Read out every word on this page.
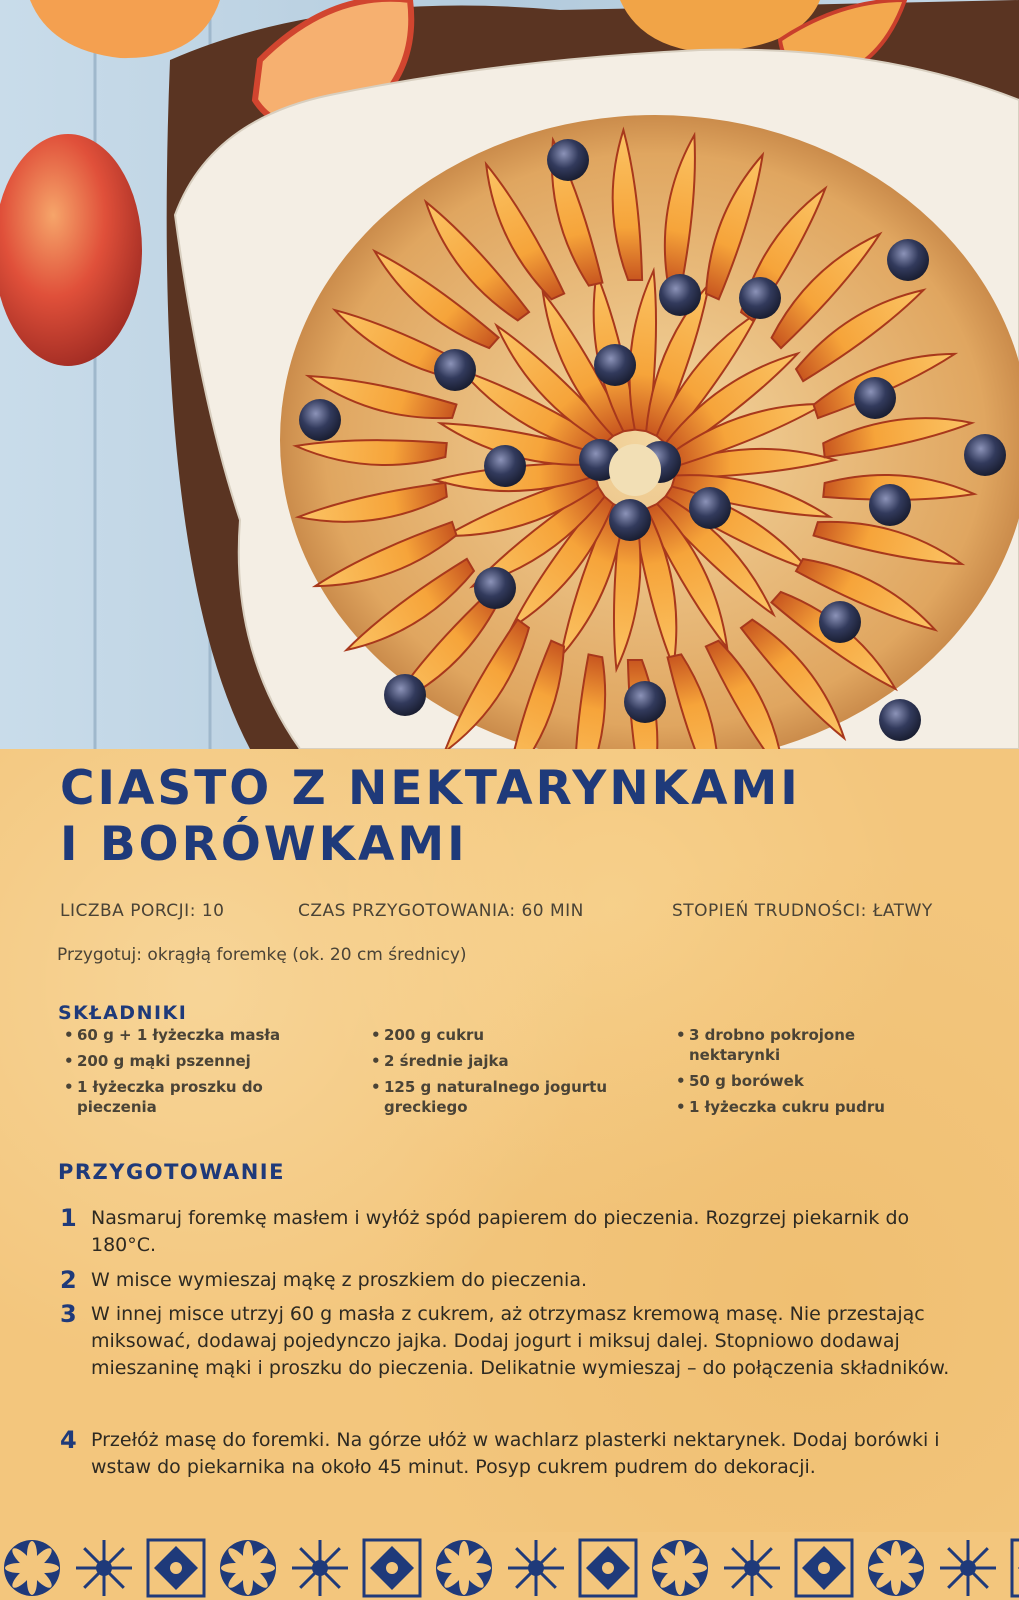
CIASTO Z NEKTARYNKAMI
I BORÓWKAMI
LICZBA PORCJI: 10	CZAS PRZYGOTOWANIA: 60 MIN	STOPIEŃ TRUDNOŚCI: ŁATWY
Przygotuj: okrągłą foremkę (ok. 20 cm średnicy)
SKŁADNIKI
• 60 g + 1 łyżeczka masła
• 200 g mąki pszennej
• 1 łyżeczka proszku do pieczenia
• 200 g cukru
• 2 średnie jajka
• 125 g naturalnego jogurtu greckiego
• 3 drobno pokrojone nektarynki
• 50 g borówek
• 1 łyżeczka cukru pudru
PRZYGOTOWANIE
1 Nasmaruj foremkę masłem i wyłóż spód papierem do pieczenia. Rozgrzej piekarnik do 180°C.
2 W misce wymieszaj mąkę z proszkiem do pieczenia.
3 W innej misce utrzyj 60 g masła z cukrem, aż otrzymasz kremową masę. Nie przestając miksować, dodawaj pojedynczo jajka. Dodaj jogurt i miksuj dalej. Stopniowo dodawaj mieszaninę mąki i proszku do pieczenia. Delikatnie wymieszaj – do połączenia składników.
4 Przełóż masę do foremki. Na górze ułóż w wachlarz plasterki nektarynek. Dodaj borówki i wstaw do piekarnika na około 45 minut. Posyp cukrem pudrem do dekoracji.
